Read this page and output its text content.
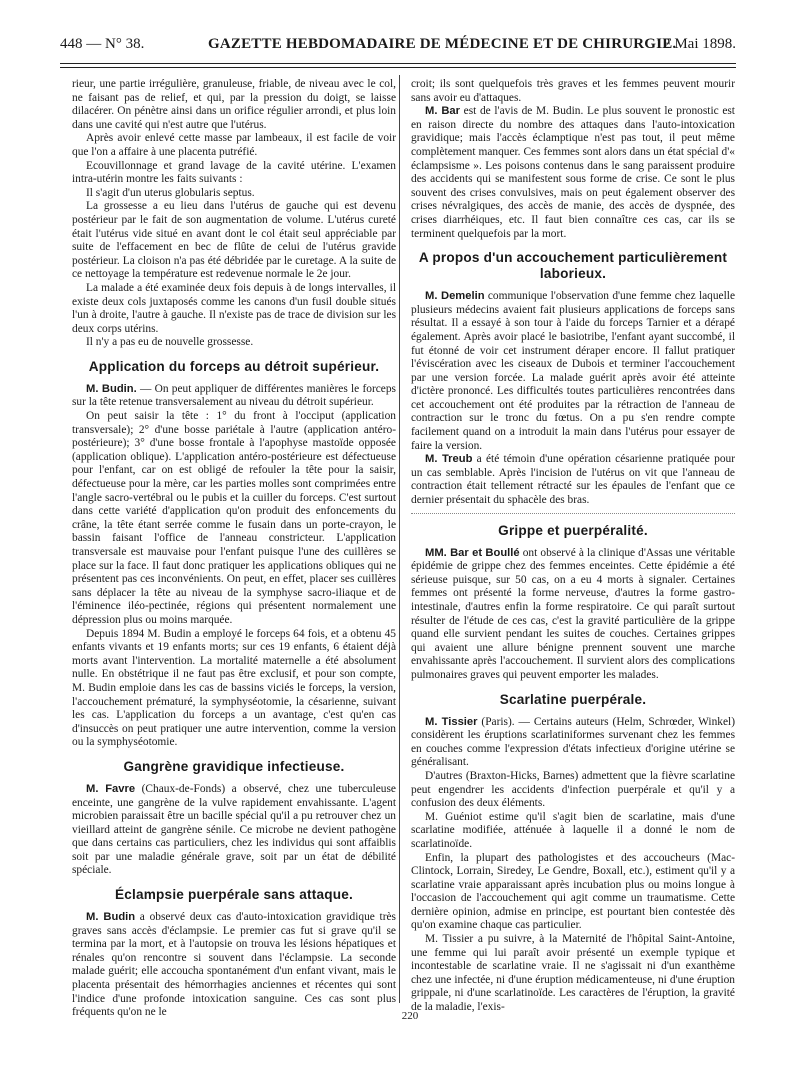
448 — N° 38.	GAZETTE HEBDOMADAIRE DE MÉDECINE ET DE CHIRURGIE.
12 Mai 1898.

rieur, une partie irrégulière, granuleuse, friable, de niveau avec le col, ne faisant pas de relief, et qui, par la pression du doigt, se laisse dilacérer. On pénètre ainsi dans un orifice régulier arrondi, et plus loin dans une cavité qui n'est autre que l'utérus.

Après avoir enlevé cette masse par lambeaux, il est facile de voir que l'on a affaire à une placenta putréfié.

Ecouvillonnage et grand lavage de la cavité utérine. L'examen intra-utérin montre les faits suivants :

Il s'agit d'un uterus globularis septus.

La grossesse a eu lieu dans l'utérus de gauche qui est devenu postérieur par le fait de son augmentation de volume. L'utérus cureté était l'utérus vide situé en avant dont le col était seul appréciable par suite de l'effacement en bec de flûte de celui de l'utérus gravide postérieur. La cloison n'a pas été débridée par le curetage. A la suite de ce nettoyage la température est redevenue normale le 2e jour.

La malade a été examinée deux fois depuis à de longs intervalles, il existe deux cols juxtaposés comme les canons d'un fusil double situés l'un à droite, l'autre à gauche. Il n'existe pas de trace de division sur les deux corps utérins.

Il n'y a pas eu de nouvelle grossesse.

Application du forceps au détroit supérieur.

M. Budin. — On peut appliquer de différentes manières le forceps sur la tête retenue transversalement au niveau du détroit supérieur.

On peut saisir la tête : 1° du front à l'occiput (application transversale); 2° d'une bosse pariétale à l'autre (application antéro-postérieure); 3° d'une bosse frontale à l'apophyse mastoïde opposée (application oblique). L'application antéro-postérieure est défectueuse pour l'enfant, car on est obligé de refouler la tête pour la saisir, défectueuse pour la mère, car les parties molles sont comprimées entre l'angle sacro-vertébral ou le pubis et la cuiller du forceps. C'est surtout dans cette variété d'application qu'on produit des enfoncements du crâne, la tête étant serrée comme le fusain dans un porte-crayon, le bassin faisant l'office de l'anneau constricteur. L'application transversale est mauvaise pour l'enfant puisque l'une des cuillères se place sur la face. Il faut donc pratiquer les applications obliques qui ne présentent pas ces inconvénients. On peut, en effet, placer ses cuillères sans déplacer la tête au niveau de la symphyse sacro-iliaque et de l'éminence iléo-pectinée, régions qui présentent normalement une dépression plus ou moins marquée.

Depuis 1894 M. Budin a employé le forceps 64 fois, et a obtenu 45 enfants vivants et 19 enfants morts; sur ces 19 enfants, 6 étaient déjà morts avant l'intervention. La mortalité maternelle a été absolument nulle. En obstétrique il ne faut pas être exclusif, et pour son compte, M. Budin emploie dans les cas de bassins viciés le forceps, la version, l'accouchement prématuré, la symphyséotomie, la césarienne, suivant les cas. L'application du forceps a un avantage, c'est qu'en cas d'insuccès on peut pratiquer une autre intervention, comme la version ou la symphyséotomie.

Gangrène gravidique infectieuse.

M. Favre (Chaux-de-Fonds) a observé, chez une tuberculeuse enceinte, une gangrène de la vulve rapidement envahissante. L'agent microbien paraissait être un bacille spécial qu'il a pu retrouver chez un vieillard atteint de gangrène sénile. Ce microbe ne devient pathogène que dans certains cas particuliers, chez les individus qui sont affaiblis soit par une maladie générale grave, soit par un état de débilité spéciale.

Éclampsie puerpérale sans attaque.

M. Budin a observé deux cas d'auto-intoxication gravidique très graves sans accès d'éclampsie. Le premier cas fut si grave qu'il se termina par la mort, et à l'autopsie on trouva les lésions hépatiques et rénales qu'on rencontre si souvent dans l'éclampsie. La seconde malade guérit; elle accoucha spontanément d'un enfant vivant, mais le placenta présentait des hémorrhagies anciennes et récentes qui sont l'indice d'une profonde intoxication sanguine. Ces cas sont plus fréquents qu'on ne le

croit; ils sont quelquefois très graves et les femmes peuvent mourir sans avoir eu d'attaques.

M. Bar est de l'avis de M. Budin. Le plus souvent le pronostic est en raison directe du nombre des attaques dans l'auto-intoxication gravidique; mais l'accès éclamptique n'est pas tout, il peut même complètement manquer. Ces femmes sont alors dans un état spécial d'« éclampsisme ». Les poisons contenus dans le sang paraissent produire des accidents qui se manifestent sous forme de crise. Ce sont le plus souvent des crises convulsives, mais on peut également observer des crises névralgiques, des accès de manie, des accès de dyspnée, des crises diarrhéiques, etc. Il faut bien connaître ces cas, car ils se terminent quelquefois par la mort.

A propos d'un accouchement particulièrement laborieux.

M. Demelin communique l'observation d'une femme chez laquelle plusieurs médecins avaient fait plusieurs applications de forceps sans résultat. Il a essayé à son tour à l'aide du forceps Tarnier et a dérapé également. Après avoir placé le basiotribe, l'enfant ayant succombé, il fut étonné de voir cet instrument déraper encore. Il fallut pratiquer l'éviscération avec les ciseaux de Dubois et terminer l'accouchement par une version forcée. La malade guérit après avoir été atteinte d'ictère prononcé. Les difficultés toutes particulières rencontrées dans cet accouchement ont été produites par la rétraction de l'anneau de contraction sur le tronc du fœtus. On a pu s'en rendre compte facilement quand on a introduit la main dans l'utérus pour essayer de faire la version.

M. Treub a été témoin d'une opération césarienne pratiquée pour un cas semblable. Après l'incision de l'utérus on vit que l'anneau de contraction était tellement rétracté sur les épaules de l'enfant que ce dernier présentait du sphacèle des bras.

Grippe et puerpéralité.

MM. Bar et Boullé ont observé à la clinique d'Assas une véritable épidémie de grippe chez des femmes enceintes. Cette épidémie a été sérieuse puisque, sur 50 cas, on a eu 4 morts à signaler. Certaines femmes ont présenté la forme nerveuse, d'autres la forme gastro-intestinale, d'autres enfin la forme respiratoire. Ce qui paraît surtout résulter de l'étude de ces cas, c'est la gravité particulière de la grippe quand elle survient pendant les suites de couches. Certaines grippes qui avaient une allure bénigne prennent souvent une marche envahissante après l'accouchement. Il survient alors des complications pulmonaires graves qui peuvent emporter les malades.

Scarlatine puerpérale.

M. Tissier (Paris). — Certains auteurs (Helm, Schrœder, Winkel) considèrent les éruptions scarlatiniformes survenant chez les femmes en couches comme l'expression d'états infectieux d'origine utérine se généralisant.

D'autres (Braxton-Hicks, Barnes) admettent que la fièvre scarlatine peut engendrer les accidents d'infection puerpérale et qu'il y a confusion des deux éléments.

M. Guéniot estime qu'il s'agit bien de scarlatine, mais d'une scarlatine modifiée, atténuée à laquelle il a donné le nom de scarlatinoïde.

Enfin, la plupart des pathologistes et des accoucheurs (Mac-Clintock, Lorrain, Siredey, Le Gendre, Boxall, etc.), estiment qu'il y a scarlatine vraie apparaissant après incubation plus ou moins longue à l'occasion de l'accouchement qui agit comme un traumatisme. Cette dernière opinion, admise en principe, est pourtant bien contestée dès qu'on examine chaque cas particulier.

M. Tissier a pu suivre, à la Maternité de l'hôpital Saint-Antoine, une femme qui lui paraît avoir présenté un exemple typique et incontestable de scarlatine vraie. Il ne s'agissait ni d'un exanthème chez une infectée, ni d'une éruption médicamenteuse, ni d'une éruption grippale, ni d'une scarlatinoïde. Les caractères de l'éruption, la gravité de la maladie, l'exis-

220
